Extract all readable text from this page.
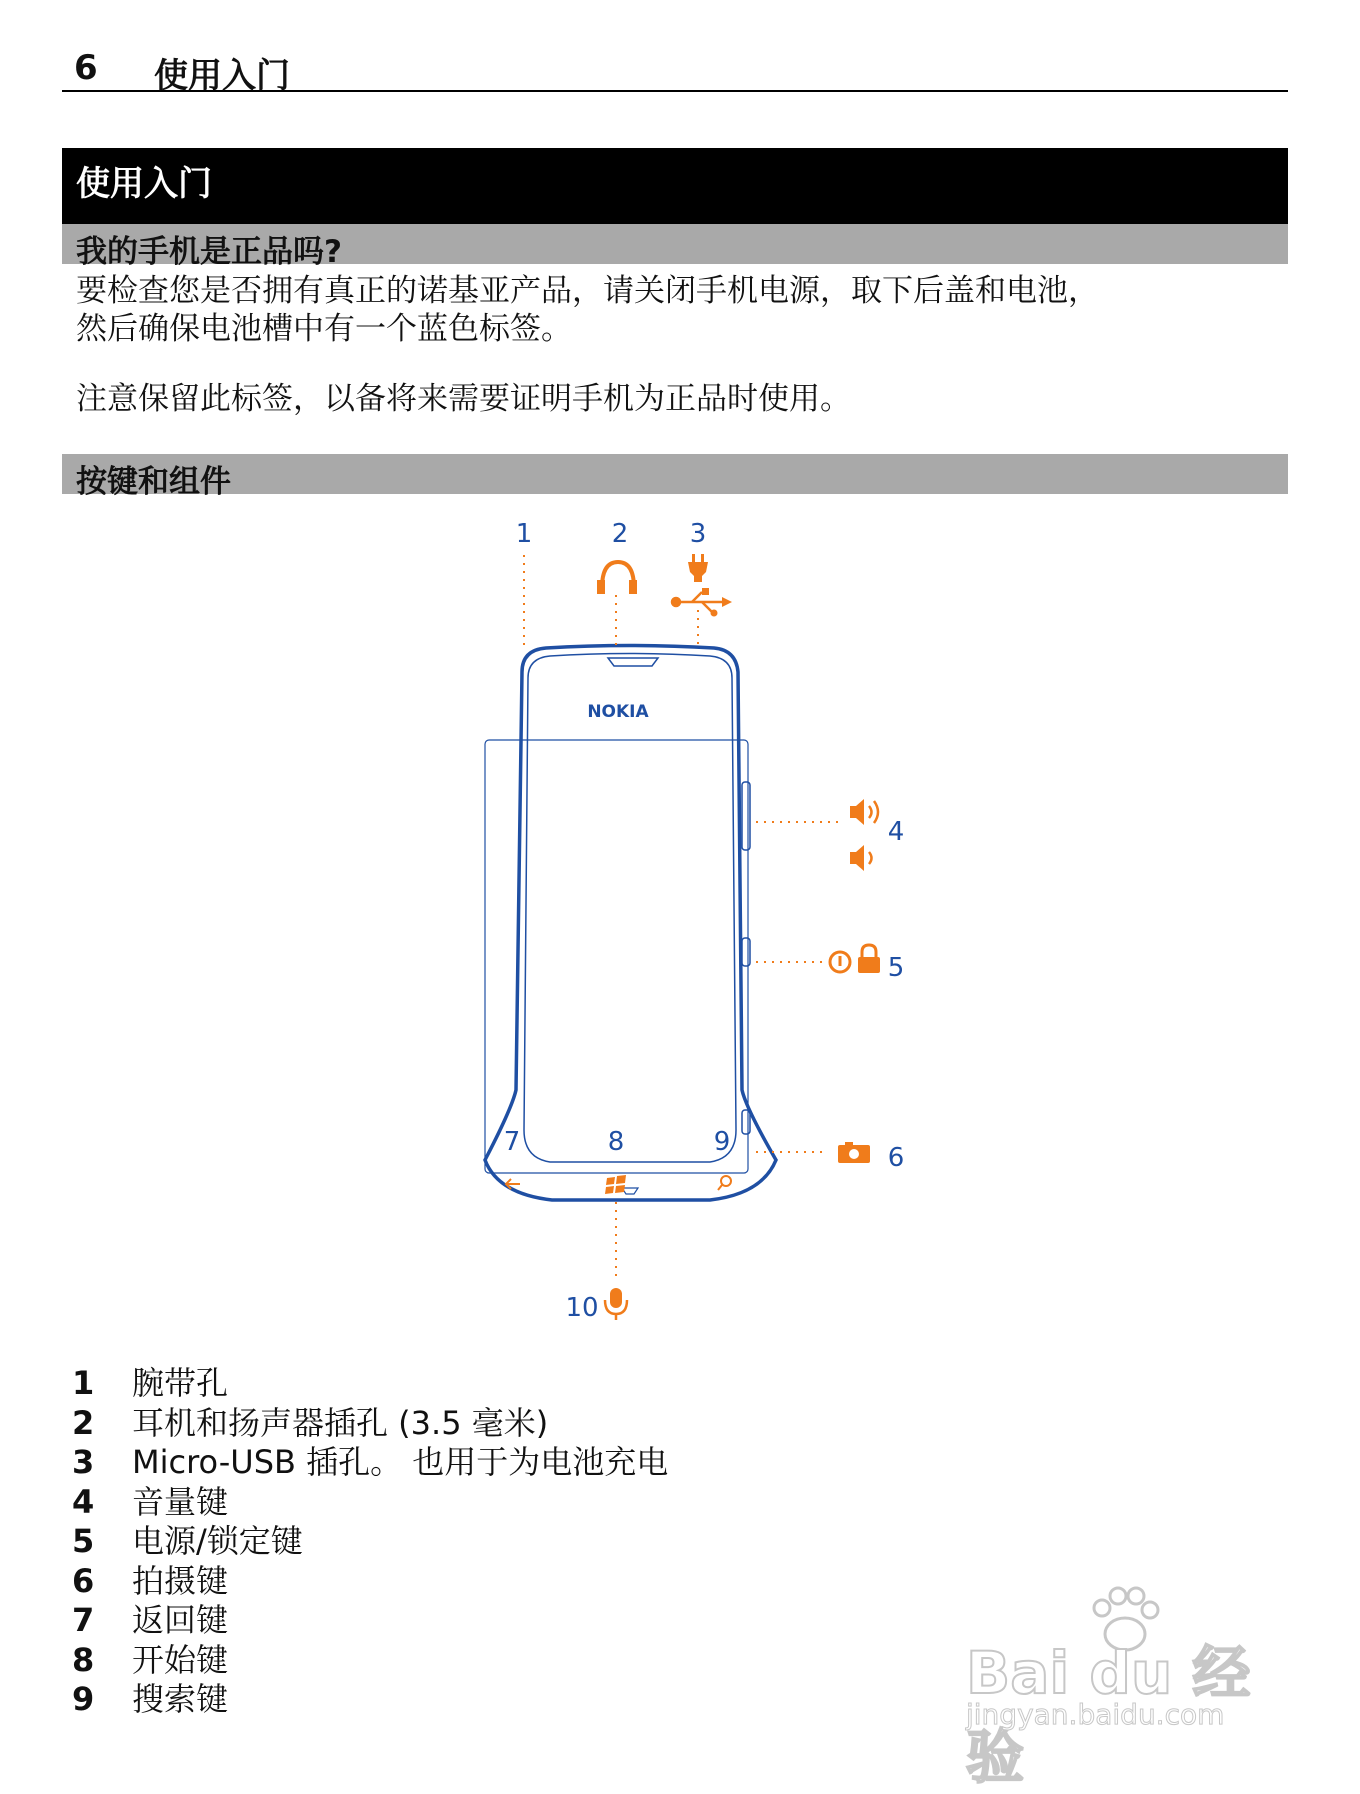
6 使用入门
使用入门
我的手机是正品吗?
要检查您是否拥有真正的诺基亚产品，请关闭手机电源，取下后盖和电池，
然后确保电池槽中有一个蓝色标签。
注意保留此标签，以备将来需要证明手机为正品时使用。
按键和组件
NOKIA
1	2 3
4
5
6
7	8	9
10
1 腕带孔
2 耳机和扬声器插孔 (3.5 毫米)
3 Micro-USB 插孔。 也用于为电池充电
4 音量键
5 电源/锁定键
6 拍摄键
7 返回键
8 开始键
9 搜索键	Bai du 经验
jingyan.baidu.com
